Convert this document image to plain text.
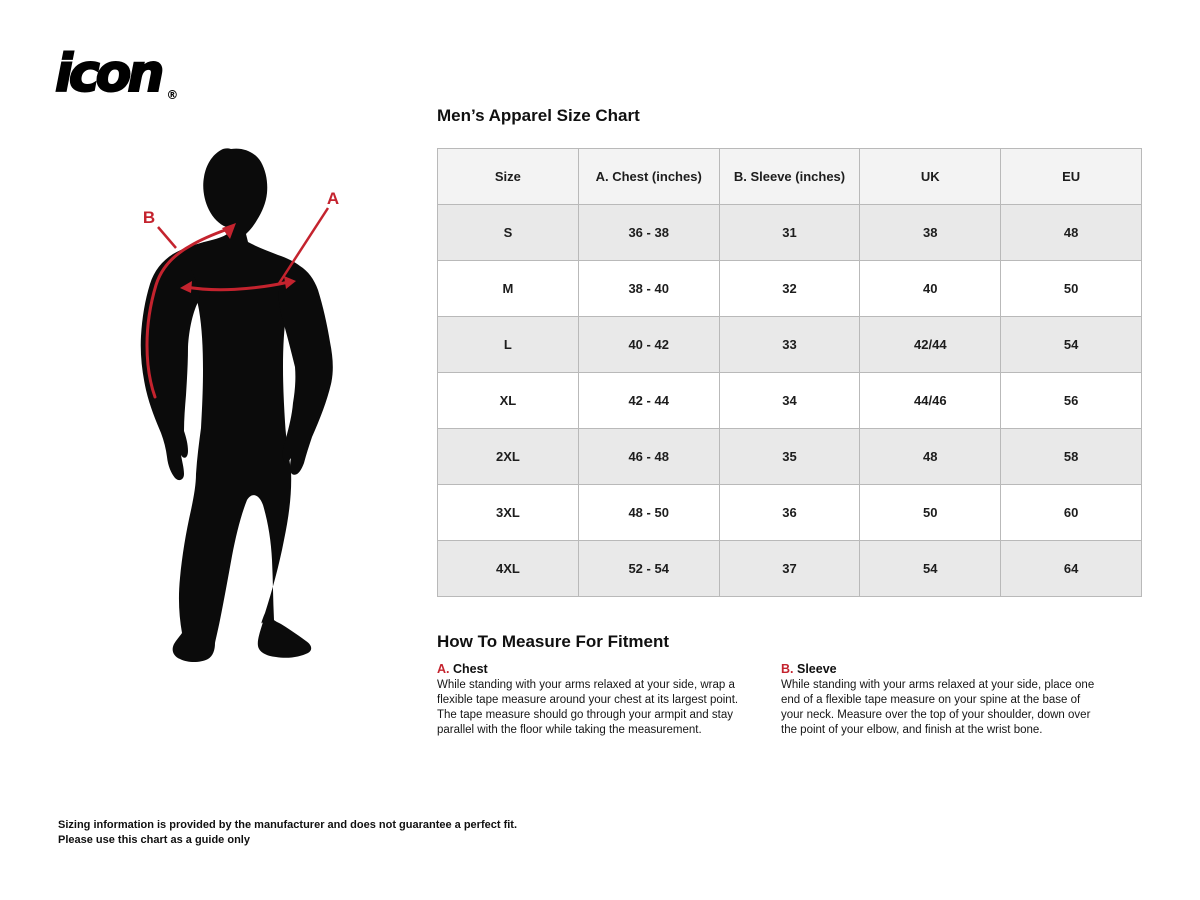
icon ®
B
A
Men’s Apparel Size Chart
Size	A. Chest (inches)	B. Sleeve (inches)	UK	EU
S	36 - 38	31	38	48
M	38 - 40	32	40	50
L	40 - 42	33	42/44	54
XL	42 - 44	34	44/46	56
2XL	46 - 48	35	48	58
3XL	48 - 50	36	50	60
4XL	52 - 54	37	54	64
How To Measure For Fitment
A. Chest
While standing with your arms relaxed at your side, wrap a flexible tape measure around your chest at its largest point. The tape measure should go through your armpit and stay parallel with the floor while taking the measurement.
B. Sleeve
While standing with your arms relaxed at your side, place one end of a flexible tape measure on your spine at the base of your neck. Measure over the top of your shoulder, down over the point of your elbow, and finish at the wrist bone.
Sizing information is provided by the manufacturer and does not guarantee a perfect fit.
Please use this chart as a guide only
